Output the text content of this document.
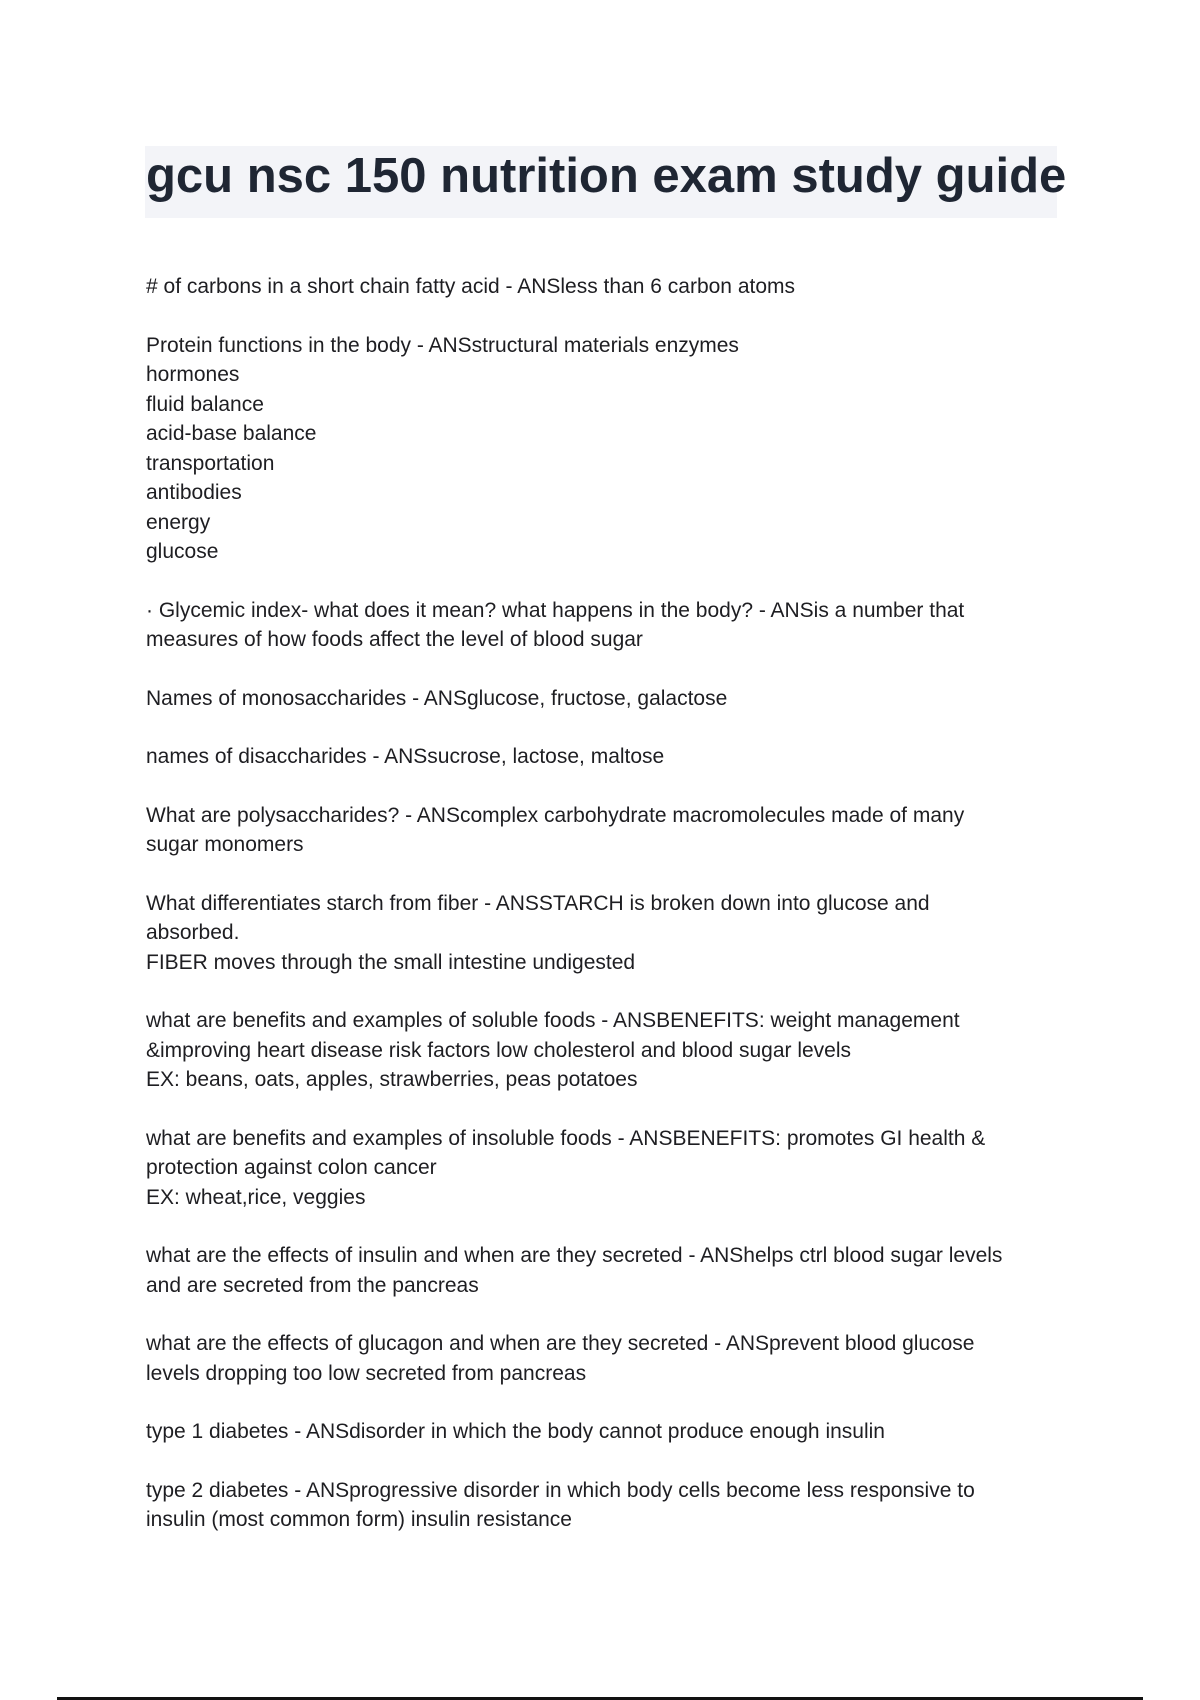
gcu nsc 150 nutrition exam study guide
# of carbons in a short chain fatty acid - ANSless than 6 carbon atoms
Protein functions in the body - ANSstructural materials enzymes
hormones
fluid balance
acid-base balance
transportation
antibodies
energy
glucose
· Glycemic index- what does it mean? what happens in the body? - ANSis a number that
measures of how foods affect the level of blood sugar
Names of monosaccharides - ANSglucose, fructose, galactose
names of disaccharides - ANSsucrose, lactose, maltose
What are polysaccharides? - ANScomplex carbohydrate macromolecules made of many
sugar monomers
What differentiates starch from fiber - ANSSTARCH is broken down into glucose and
absorbed.
FIBER moves through the small intestine undigested
what are benefits and examples of soluble foods - ANSBENEFITS: weight management
&improving heart disease risk factors low cholesterol and blood sugar levels
EX: beans, oats, apples, strawberries, peas potatoes
what are benefits and examples of insoluble foods - ANSBENEFITS: promotes GI health &
protection against colon cancer
EX: wheat,rice, veggies
what are the effects of insulin and when are they secreted - ANShelps ctrl blood sugar levels
and are secreted from the pancreas
what are the effects of glucagon and when are they secreted - ANSprevent blood glucose
levels dropping too low secreted from pancreas
type 1 diabetes - ANSdisorder in which the body cannot produce enough insulin
type 2 diabetes - ANSprogressive disorder in which body cells become less responsive to
insulin (most common form) insulin resistance
